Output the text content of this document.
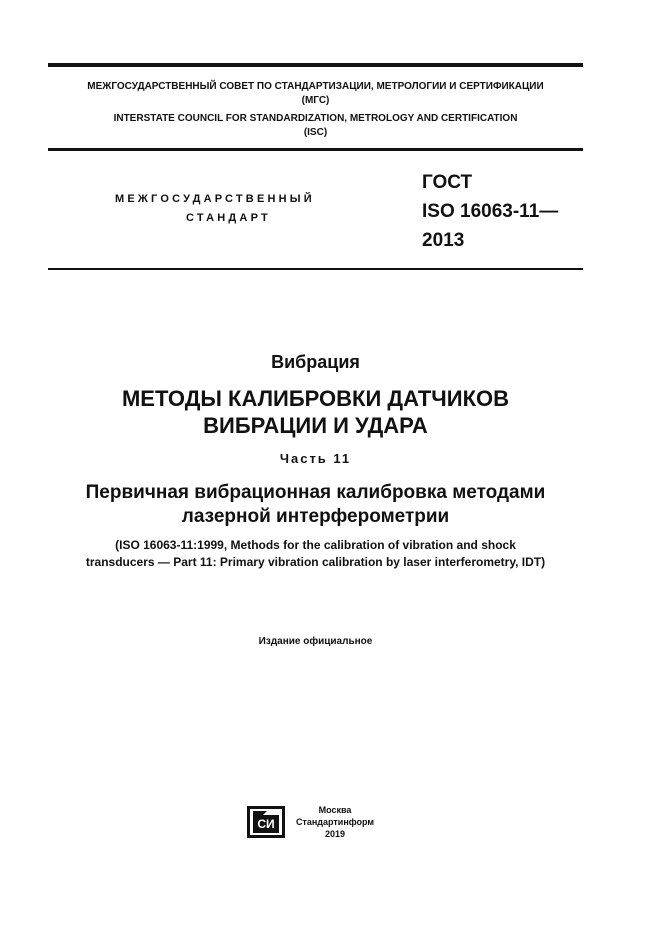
МЕЖГОСУДАРСТВЕННЫЙ СОВЕТ ПО СТАНДАРТИЗАЦИИ, МЕТРОЛОГИИ И СЕРТИФИКАЦИИ
(МГС)
INTERSTATE COUNCIL FOR STANDARDIZATION, METROLOGY AND CERTIFICATION
(ISC)
МЕЖГОСУДАРСТВЕННЫЙ
СТАНДАРТ
ГОСТ
ISO 16063-11—
2013
Вибрация
МЕТОДЫ КАЛИБРОВКИ ДАТЧИКОВ
ВИБРАЦИИ И УДАРА
Часть 11
Первичная вибрационная калибровка методами
лазерной интерферометрии
(ISO 16063-11:1999, Methods for the calibration of vibration and shock
transducers — Part 11: Primary vibration calibration by laser interferometry, IDT)
Издание официальное
СИ
Москва
Стандартинформ
2019
